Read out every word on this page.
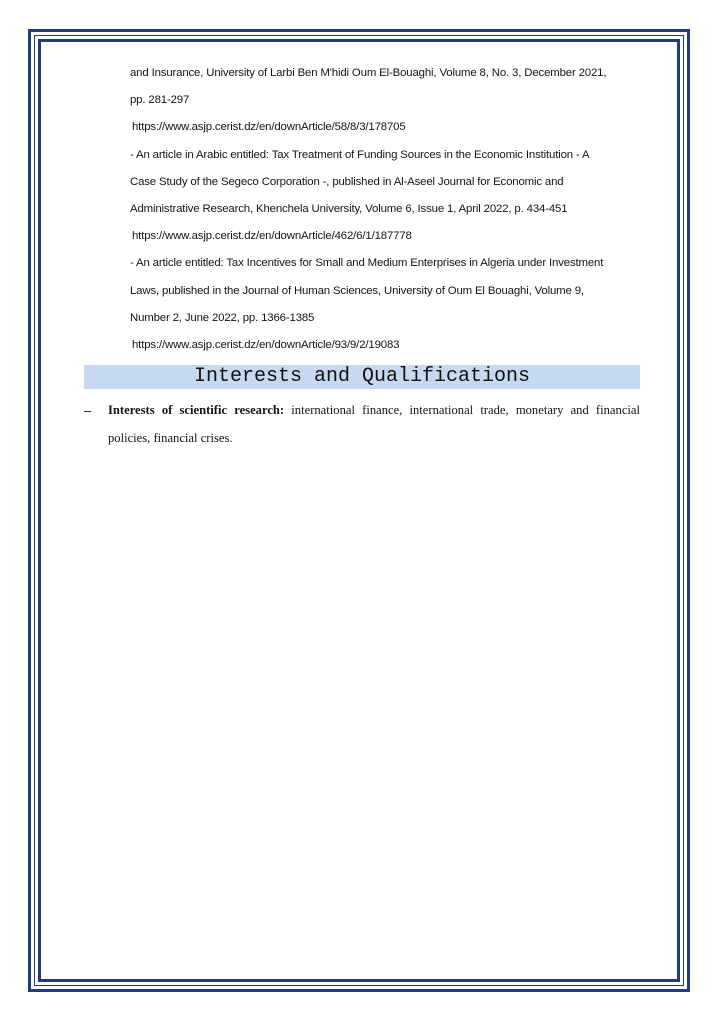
and Insurance, University of Larbi Ben M'hidi Oum El-Bouaghi, Volume 8, No. 3, December 2021,

pp. 281-297

https://www.asjp.cerist.dz/en/downArticle/58/8/3/178705

- An article in Arabic entitled: Tax Treatment of Funding Sources in the Economic Institution - A

Case Study of the Segeco Corporation -, published in Al-Aseel Journal for Economic and

Administrative Research, Khenchela University, Volume 6, Issue 1, April 2022, p. 434-451

https://www.asjp.cerist.dz/en/downArticle/462/6/1/187778

- An article entitled: Tax Incentives for Small and Medium Enterprises in Algeria under Investment

Laws, published in the Journal of Human Sciences, University of Oum El Bouaghi, Volume 9,

Number 2, June 2022, pp. 1366-1385

https://www.asjp.cerist.dz/en/downArticle/93/9/2/19083

Interests and Qualifications
– Interests of scientific research: international finance, international trade, monetary and financial policies, financial crises.
